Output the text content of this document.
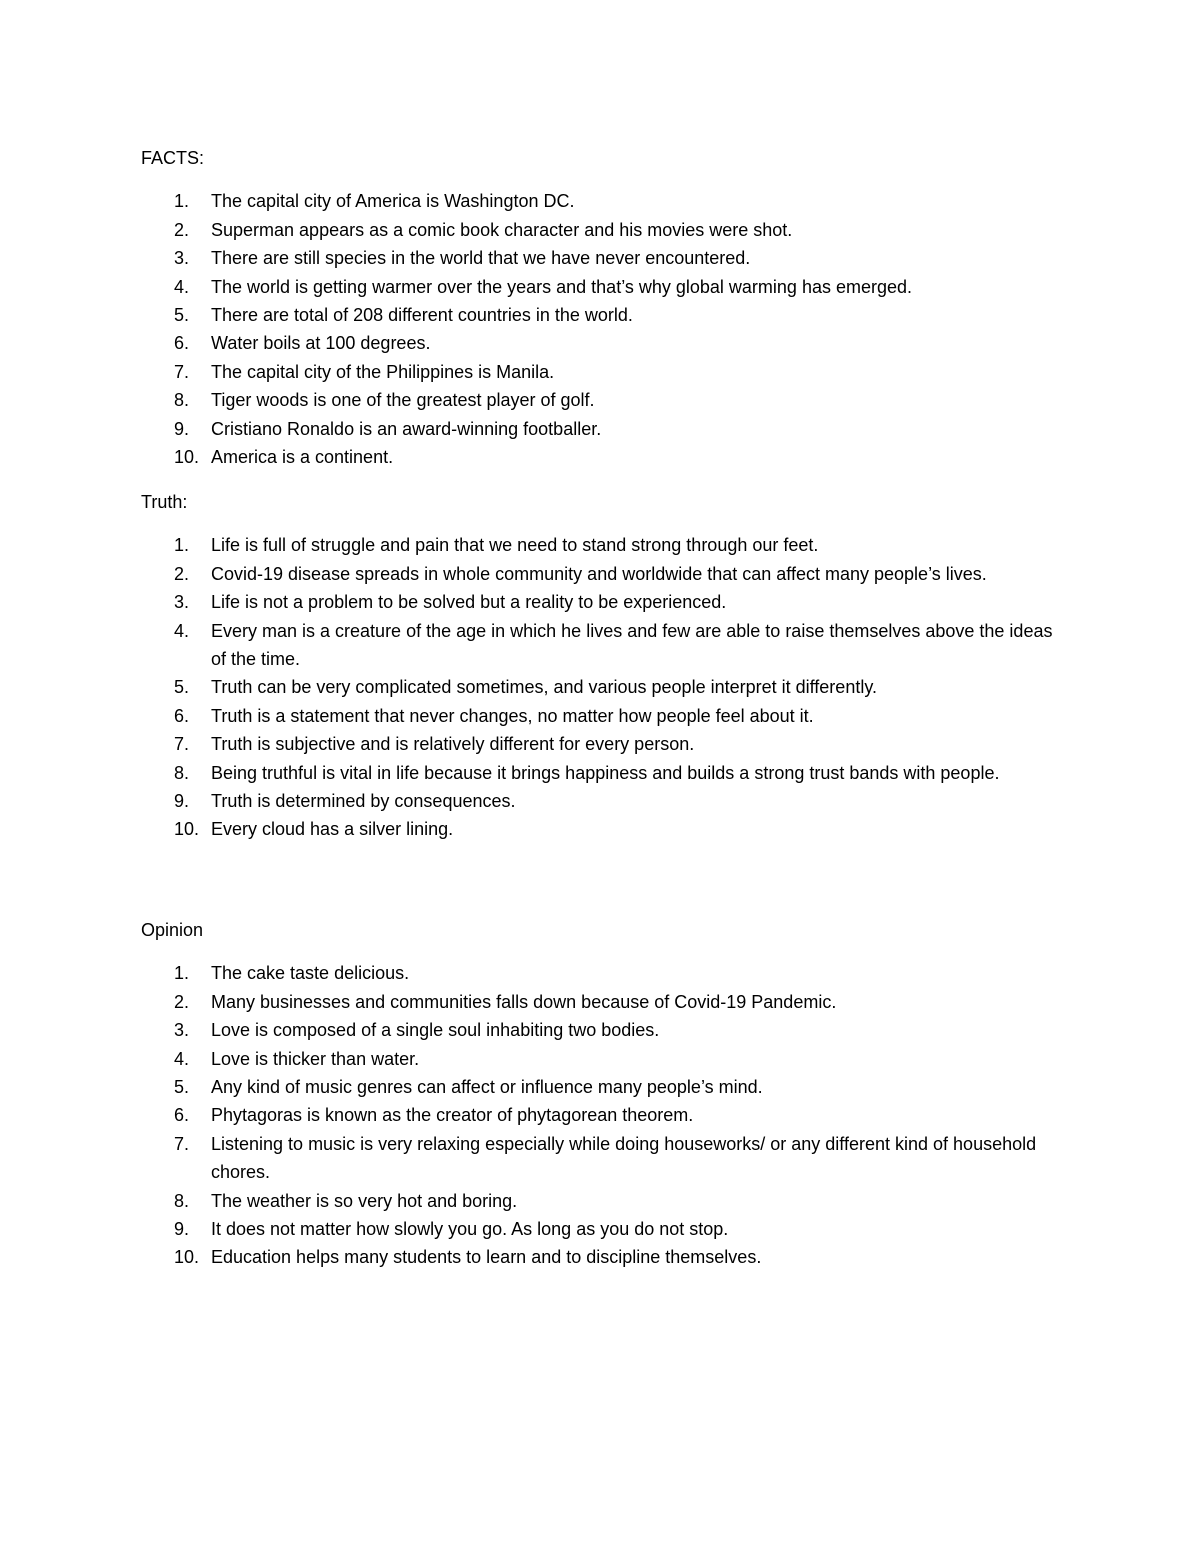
FACTS:
1. The capital city of America is Washington DC.
2. Superman appears as a comic book character and his movies were shot.
3. There are still species in the world that we have never encountered.
4. The world is getting warmer over the years and that’s why global warming has emerged.
5. There are total of 208 different countries in the world.
6. Water boils at 100 degrees.
7. The capital city of the Philippines is Manila.
8. Tiger woods is one of the greatest player of golf.
9. Cristiano Ronaldo is an award-winning footballer.
10. America is a continent.
Truth:
1. Life is full of struggle and pain that we need to stand strong through our feet.
2. Covid-19 disease spreads in whole community and worldwide that can affect many people’s lives.
3. Life is not a problem to be solved but a reality to be experienced.
4. Every man is a creature of the age in which he lives and few are able to raise themselves above the ideas of the time.
5. Truth can be very complicated sometimes, and various people interpret it differently.
6. Truth is a statement that never changes, no matter how people feel about it.
7. Truth is subjective and is relatively different for every person.
8. Being truthful is vital in life because it brings happiness and builds a strong trust bands with people.
9. Truth is determined by consequences.
10. Every cloud has a silver lining.
Opinion
1. The cake taste delicious.
2. Many businesses and communities falls down because of Covid-19 Pandemic.
3. Love is composed of a single soul inhabiting two bodies.
4. Love is thicker than water.
5. Any kind of music genres can affect or influence many people’s mind.
6. Phytagoras is known as the creator of phytagorean theorem.
7. Listening to music is very relaxing especially while doing houseworks/ or any different kind of household chores.
8. The weather is so very hot and boring.
9. It does not matter how slowly you go. As long as you do not stop.
10. Education helps many students to learn and to discipline themselves.
